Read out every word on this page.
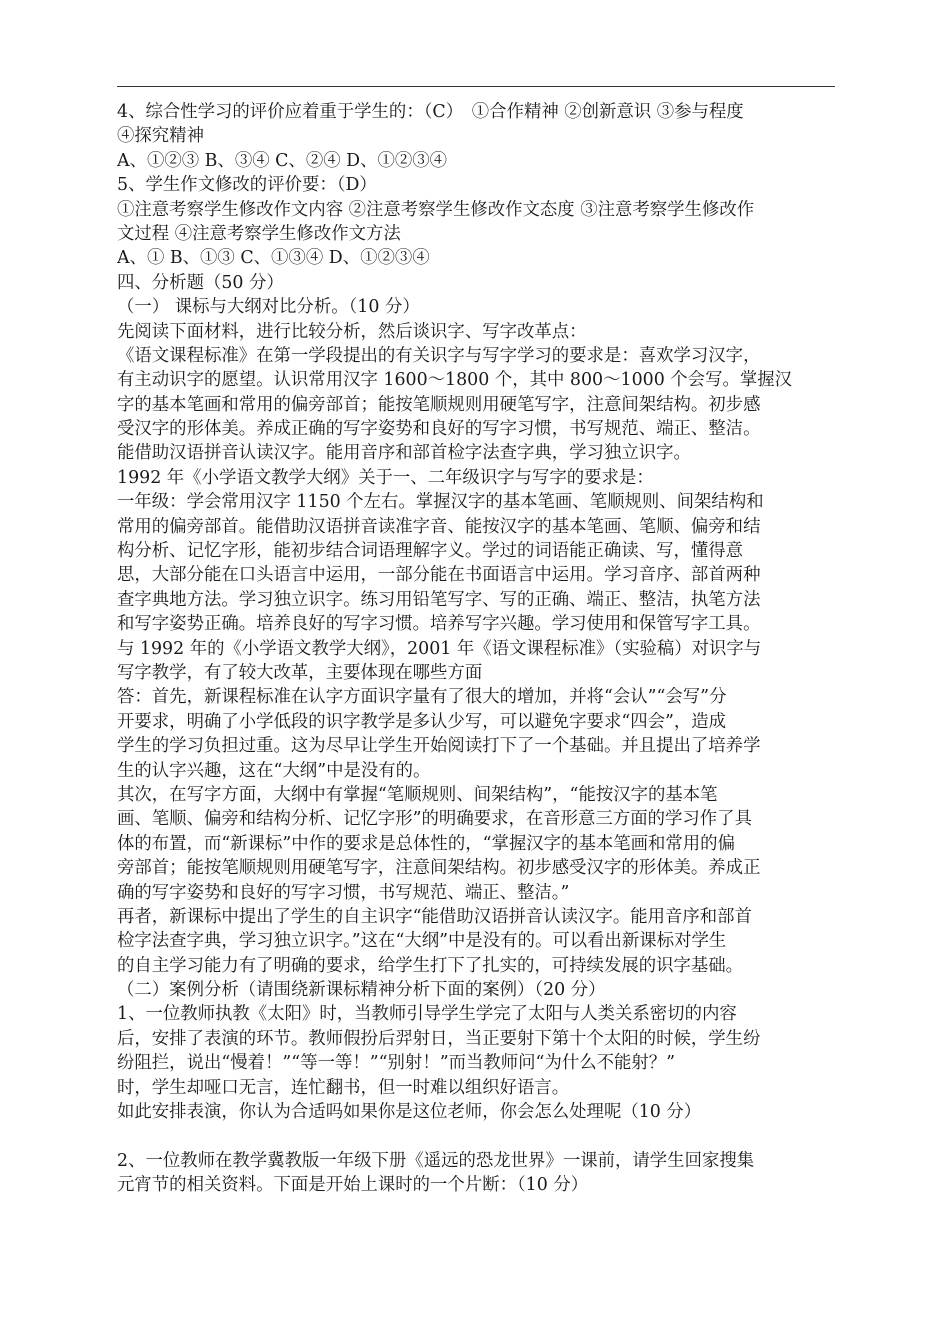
4、综合性学习的评价应着重于学生的：（C）　①合作精神 ②创新意识 ③参与程度
④探究精神
A、①②③ B、③④ C、②④ D、①②③④
5、学生作文修改的评价要：（D）
①注意考察学生修改作文内容 ②注意考察学生修改作文态度 ③注意考察学生修改作
文过程 ④注意考察学生修改作文方法
A、① B、①③ C、①③④ D、①②③④
四、分析题（50 分）
（一） 课标与大纲对比分析。（10 分）
先阅读下面材料，进行比较分析，然后谈识字、写字改革点：
《语文课程标准》在第一学段提出的有关识字与写字学习的要求是：喜欢学习汉字，
有主动识字的愿望。认识常用汉字 1600～1800 个，其中 800～1000 个会写。掌握汉
字的基本笔画和常用的偏旁部首；能按笔顺规则用硬笔写字，注意间架结构。初步感
受汉字的形体美。养成正确的写字姿势和良好的写字习惯，书写规范、端正、整洁。
能借助汉语拼音认读汉字。能用音序和部首检字法查字典，学习独立识字。
1992 年《小学语文教学大纲》关于一、二年级识字与写字的要求是：
一年级：学会常用汉字 1150 个左右。掌握汉字的基本笔画、笔顺规则、间架结构和
常用的偏旁部首。能借助汉语拼音读准字音、能按汉字的基本笔画、笔顺、偏旁和结
构分析、记忆字形，能初步结合词语理解字义。学过的词语能正确读、写，懂得意
思，大部分能在口头语言中运用，一部分能在书面语言中运用。学习音序、部首两种
查字典地方法。学习独立识字。练习用铅笔写字、写的正确、端正、整洁，执笔方法
和写字姿势正确。培养良好的写字习惯。培养写字兴趣。学习使用和保管写字工具。
与 1992 年的《小学语文教学大纲》，2001 年《语文课程标准》（实验稿）对识字与
写字教学，有了较大改革，主要体现在哪些方面
答：首先，新课程标准在认字方面识字量有了很大的增加，并将“会认”“会写”分
开要求，明确了小学低段的识字教学是多认少写，可以避免字要求“四会”，造成
学生的学习负担过重。这为尽早让学生开始阅读打下了一个基础。并且提出了培养学
生的认字兴趣，这在“大纲”中是没有的。
其次，在写字方面，大纲中有掌握“笔顺规则、间架结构”，“能按汉字的基本笔
画、笔顺、偏旁和结构分析、记忆字形”的明确要求，在音形意三方面的学习作了具
体的布置，而“新课标”中作的要求是总体性的，“掌握汉字的基本笔画和常用的偏
旁部首；能按笔顺规则用硬笔写字，注意间架结构。初步感受汉字的形体美。养成正
确的写字姿势和良好的写字习惯，书写规范、端正、整洁。”
再者，新课标中提出了学生的自主识字“能借助汉语拼音认读汉字。能用音序和部首
检字法查字典，学习独立识字。”这在“大纲”中是没有的。可以看出新课标对学生
的自主学习能力有了明确的要求，给学生打下了扎实的，可持续发展的识字基础。
（二）案例分析（请围绕新课标精神分析下面的案例）（20 分）
1、一位教师执教《太阳》时，当教师引导学生学完了太阳与人类关系密切的内容
后，安排了表演的环节。教师假扮后羿射日，当正要射下第十个太阳的时候，学生纷
纷阻拦，说出“慢着！”“等一等！”“别射！”而当教师问“为什么不能射？”
时，学生却哑口无言，连忙翻书，但一时难以组织好语言。
如此安排表演，你认为合适吗如果你是这位老师，你会怎么处理呢（10 分）
2、一位教师在教学冀教版一年级下册《遥远的恐龙世界》一课前，请学生回家搜集
元宵节的相关资料。下面是开始上课时的一个片断：（10 分）
